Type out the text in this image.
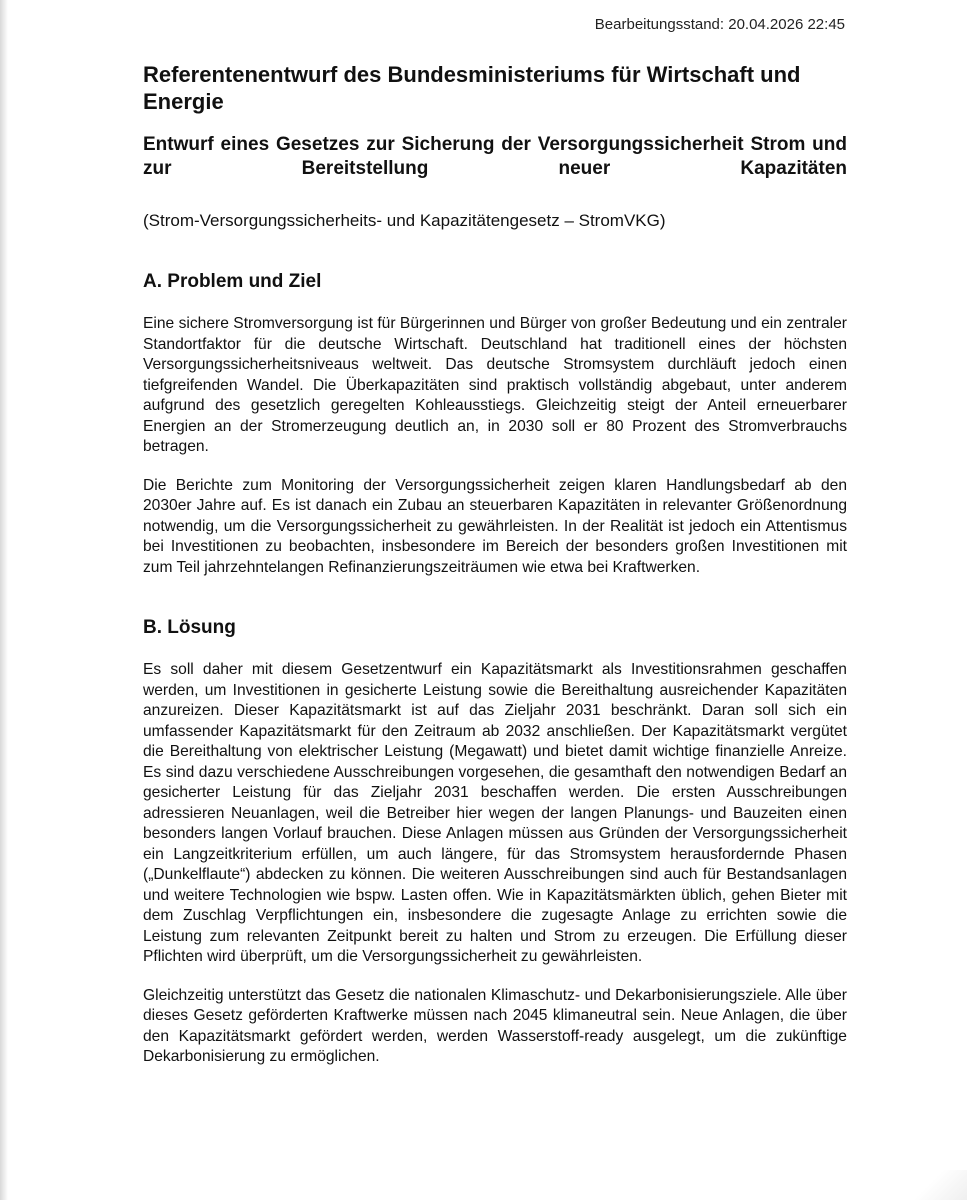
Bearbeitungsstand: 20.04.2026 22:45
Referentenentwurf des Bundesministeriums für Wirtschaft und Energie
Entwurf eines Gesetzes zur Sicherung der Versorgungssicherheit Strom und zur Bereitstellung neuer Kapazitäten

(Strom-Versorgungssicherheits- und Kapazitätengesetz – StromVKG)

A. Problem und Ziel

Eine sichere Stromversorgung ist für Bürgerinnen und Bürger von großer Bedeutung und ein zentraler Standortfaktor für die deutsche Wirtschaft. Deutschland hat traditionell eines der höchsten Versorgungssicherheitsniveaus weltweit. Das deutsche Stromsystem durchläuft jedoch einen tiefgreifenden Wandel. Die Überkapazitäten sind praktisch vollständig abgebaut, unter anderem aufgrund des gesetzlich geregelten Kohleausstiegs. Gleichzeitig steigt der Anteil erneuerbarer Energien an der Stromerzeugung deutlich an, in 2030 soll er 80 Prozent des Stromverbrauchs betragen.

Die Berichte zum Monitoring der Versorgungssicherheit zeigen klaren Handlungsbedarf ab den 2030er Jahre auf. Es ist danach ein Zubau an steuerbaren Kapazitäten in relevanter Größenordnung notwendig, um die Versorgungssicherheit zu gewährleisten. In der Realität ist jedoch ein Attentismus bei Investitionen zu beobachten, insbesondere im Bereich der besonders großen Investitionen mit zum Teil jahrzehntelangen Refinanzierungszeiträumen wie etwa bei Kraftwerken.

B. Lösung

Es soll daher mit diesem Gesetzentwurf ein Kapazitätsmarkt als Investitionsrahmen geschaffen werden, um Investitionen in gesicherte Leistung sowie die Bereithaltung ausreichender Kapazitäten anzureizen. Dieser Kapazitätsmarkt ist auf das Zieljahr 2031 beschränkt. Daran soll sich ein umfassender Kapazitätsmarkt für den Zeitraum ab 2032 anschließen. Der Kapazitätsmarkt vergütet die Bereithaltung von elektrischer Leistung (Megawatt) und bietet damit wichtige finanzielle Anreize. Es sind dazu verschiedene Ausschreibungen vorgesehen, die gesamthaft den notwendigen Bedarf an gesicherter Leistung für das Zieljahr 2031 beschaffen werden. Die ersten Ausschreibungen adressieren Neuanlagen, weil die Betreiber hier wegen der langen Planungs- und Bauzeiten einen besonders langen Vorlauf brauchen. Diese Anlagen müssen aus Gründen der Versorgungssicherheit ein Langzeitkriterium erfüllen, um auch längere, für das Stromsystem herausfordernde Phasen („Dunkelflaute“) abdecken zu können. Die weiteren Ausschreibungen sind auch für Bestandsanlagen und weitere Technologien wie bspw. Lasten offen. Wie in Kapazitätsmärkten üblich, gehen Bieter mit dem Zuschlag Verpflichtungen ein, insbesondere die zugesagte Anlage zu errichten sowie die Leistung zum relevanten Zeitpunkt bereit zu halten und Strom zu erzeugen. Die Erfüllung dieser Pflichten wird überprüft, um die Versorgungssicherheit zu gewährleisten.

Gleichzeitig unterstützt das Gesetz die nationalen Klimaschutz- und Dekarbonisierungsziele. Alle über dieses Gesetz geförderten Kraftwerke müssen nach 2045 klimaneutral sein. Neue Anlagen, die über den Kapazitätsmarkt gefördert werden, werden Wasserstoff-ready ausgelegt, um die zukünftige Dekarbonisierung zu ermöglichen.
